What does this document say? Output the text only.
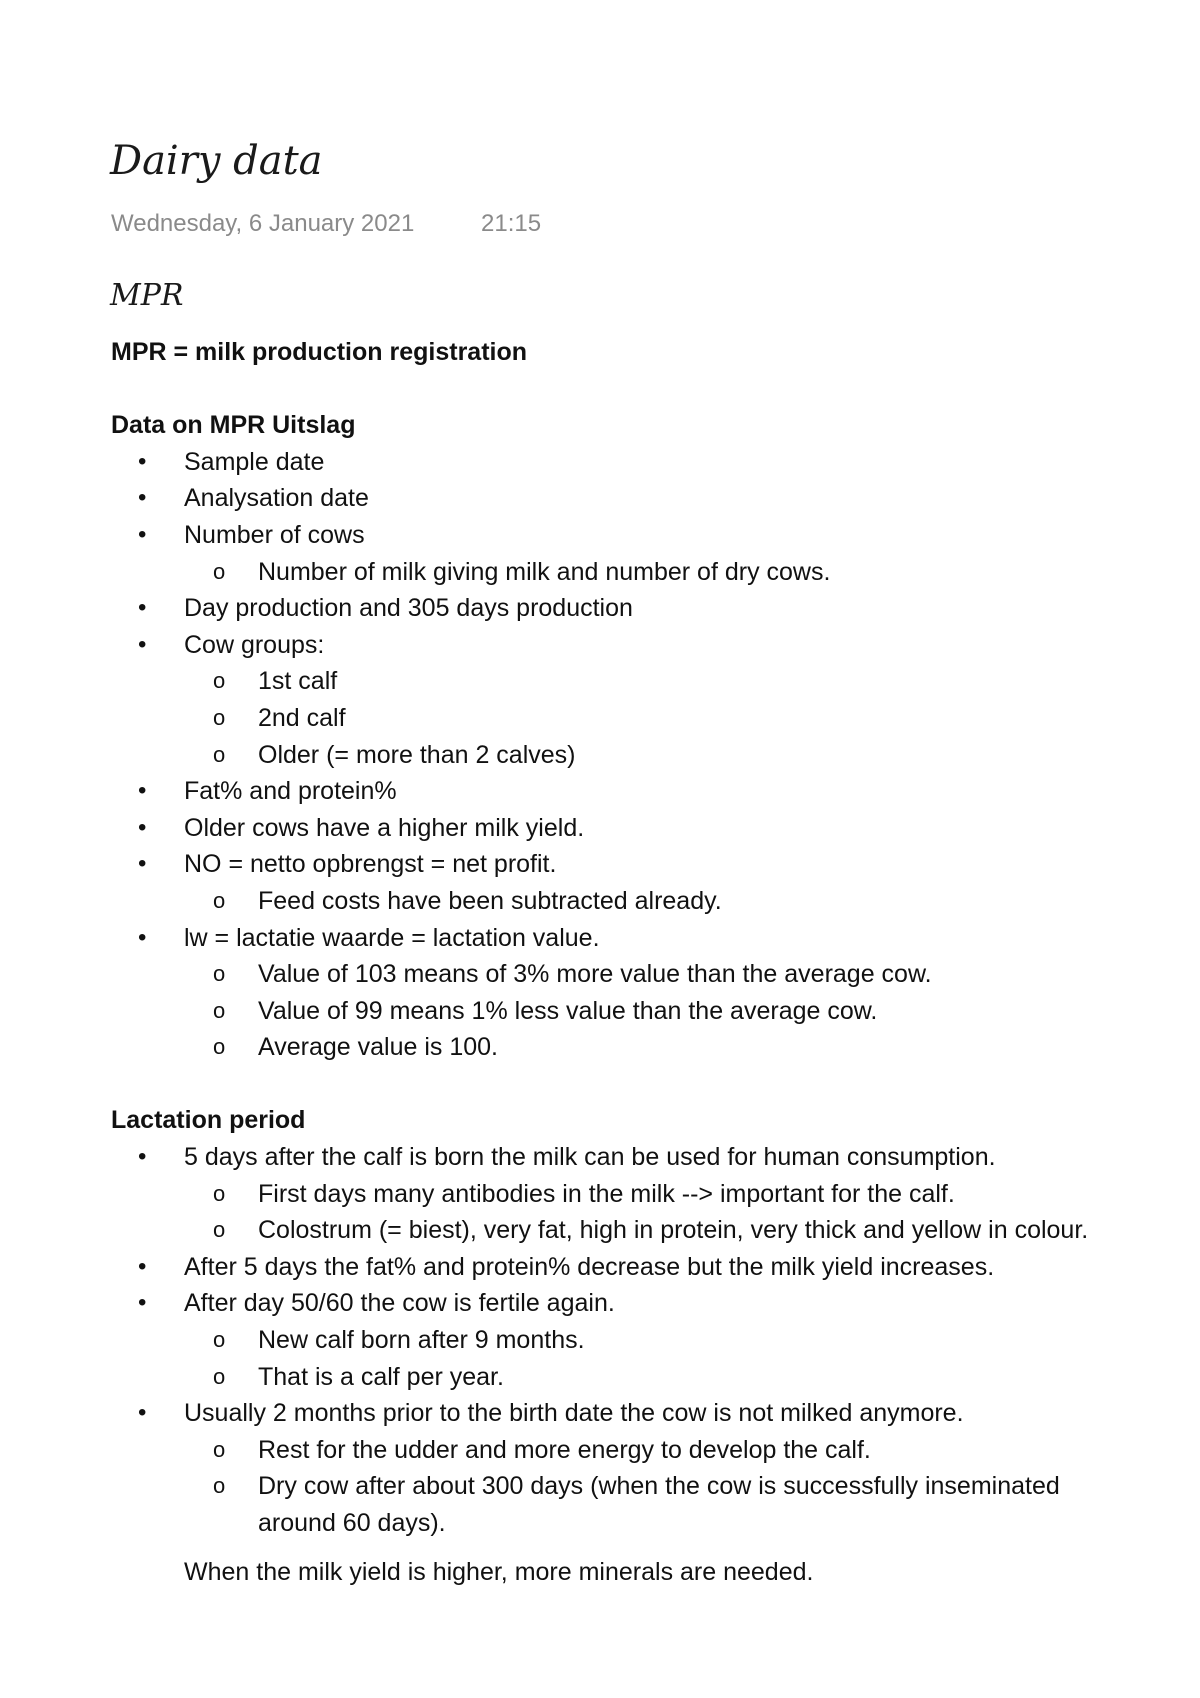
Dairy data
Wednesday, 6 January 2021	21:15
MPR

MPR = milk production registration

Data on MPR Uitslag

• Sample date
• Analysation date
• Number of cows
o Number of milk giving milk and number of dry cows.
• Day production and 305 days production
• Cow groups:
o 1st calf
o 2nd calf
o Older (= more than 2 calves)
• Fat% and protein%
• Older cows have a higher milk yield.
• NO = netto opbrengst = net profit.
o Feed costs have been subtracted already.
• lw = lactatie waarde = lactation value.
o Value of 103 means of 3% more value than the average cow.
o Value of 99 means 1% less value than the average cow.
o Average value is 100.

Lactation period

• 5 days after the calf is born the milk can be used for human consumption.
o First days many antibodies in the milk --> important for the calf.
o Colostrum (= biest), very fat, high in protein, very thick and yellow in colour.
• After 5 days the fat% and protein% decrease but the milk yield increases.
• After day 50/60 the cow is fertile again.
o New calf born after 9 months.
o That is a calf per year.
• Usually 2 months prior to the birth date the cow is not milked anymore.
o Rest for the udder and more energy to develop the calf.
o Dry cow after about 300 days (when the cow is successfully inseminated around 60 days).
When the milk yield is higher, more minerals are needed.
